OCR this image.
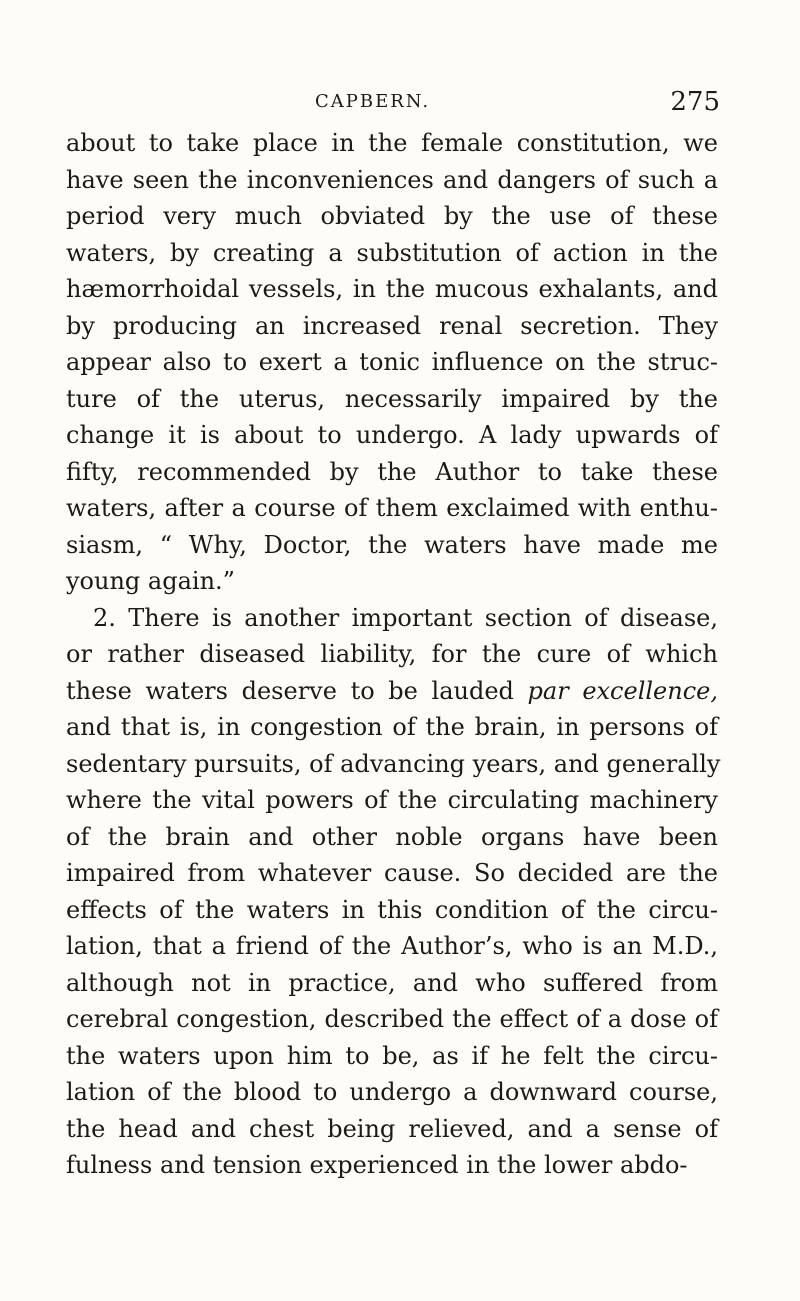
CAPBERN.	275
about to take place in the female constitution, we
have seen the inconveniences and dangers of such a
period very much obviated by the use of these
waters, by creating a substitution of action in the
hæmorrhoidal vessels, in the mucous exhalants, and
by producing an increased renal secretion. They
appear also to exert a tonic influence on the struc-
ture of the uterus, necessarily impaired by the
change it is about to undergo. A lady upwards of
fifty, recommended by the Author to take these
waters, after a course of them exclaimed with enthu-
siasm, “ Why, Doctor, the waters have made me
young again.”
2. There is another important section of disease,
or rather diseased liability, for the cure of which
these waters deserve to be lauded par excellence,
and that is, in congestion of the brain, in persons of
sedentary pursuits, of advancing years, and generally
where the vital powers of the circulating machinery
of the brain and other noble organs have been
impaired from whatever cause. So decided are the
effects of the waters in this condition of the circu-
lation, that a friend of the Author’s, who is an M.D.,
although not in practice, and who suffered from
cerebral congestion, described the effect of a dose of
the waters upon him to be, as if he felt the circu-
lation of the blood to undergo a downward course,
the head and chest being relieved, and a sense of
fulness and tension experienced in the lower abdo-
